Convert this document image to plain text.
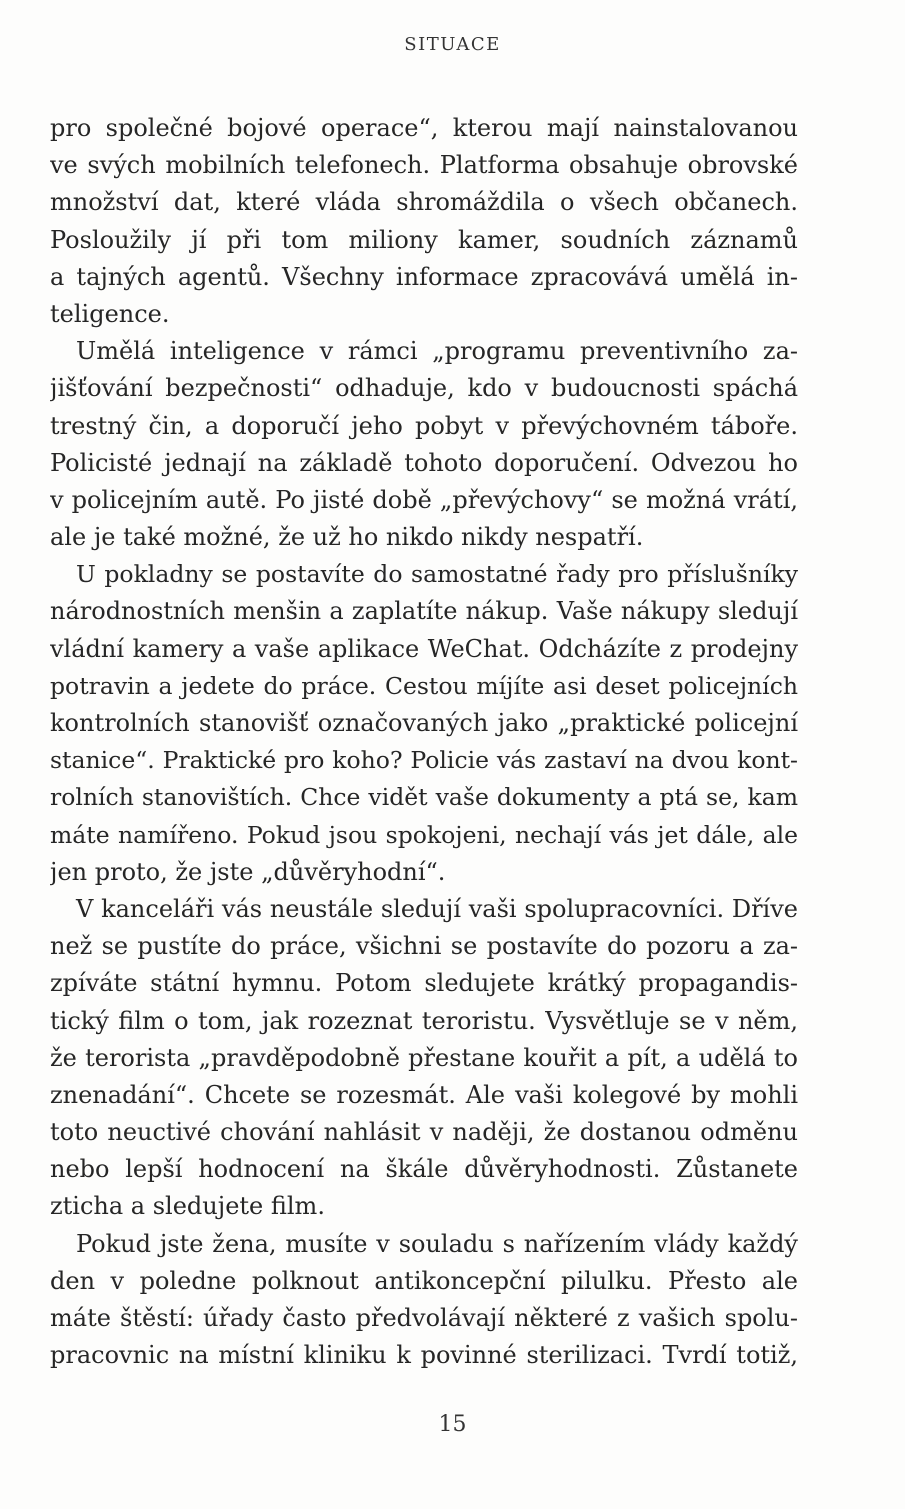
SITUACE
pro společné bojové operace“, kterou mají nainstalovanou
ve svých mobilních telefonech. Platforma obsahuje obrovské
množství dat, které vláda shromáždila o všech občanech.
Posloužily jí při tom miliony kamer, soudních záznamů
a tajných agentů. Všechny informace zpracovává umělá in-
teligence.
Umělá inteligence v rámci „programu preventivního za-
jišťování bezpečnosti“ odhaduje, kdo v budoucnosti spáchá
trestný čin, a doporučí jeho pobyt v převýchovném táboře.
Policisté jednají na základě tohoto doporučení. Odvezou ho
v policejním autě. Po jisté době „převýchovy“ se možná vrátí,
ale je také možné, že už ho nikdo nikdy nespatří.
U pokladny se postavíte do samostatné řady pro příslušníky
národnostních menšin a zaplatíte nákup. Vaše nákupy sledují
vládní kamery a vaše aplikace WeChat. Odcházíte z prodejny
potravin a jedete do práce. Cestou míjíte asi deset policejních
kontrolních stanovišť označovaných jako „praktické policejní
stanice“. Praktické pro koho? Policie vás zastaví na dvou kont-
rolních stanovištích. Chce vidět vaše dokumenty a ptá se, kam
máte namířeno. Pokud jsou spokojeni, nechají vás jet dále, ale
jen proto, že jste „důvěryhodní“.
V kanceláři vás neustále sledují vaši spolupracovníci. Dříve
než se pustíte do práce, všichni se postavíte do pozoru a za-
zpíváte státní hymnu. Potom sledujete krátký propagandis-
tický film o tom, jak rozeznat teroristu. Vysvětluje se v něm,
že terorista „pravděpodobně přestane kouřit a pít, a udělá to
znenadání“. Chcete se rozesmát. Ale vaši kolegové by mohli
toto neuctivé chování nahlásit v naději, že dostanou odměnu
nebo lepší hodnocení na škále důvěryhodnosti. Zůstanete
zticha a sledujete film.
Pokud jste žena, musíte v souladu s nařízením vlády každý
den v poledne polknout antikoncepční pilulku. Přesto ale
máte štěstí: úřady často předvolávají některé z vašich spolu-
pracovnic na místní kliniku k povinné sterilizaci. Tvrdí totiž,
15
